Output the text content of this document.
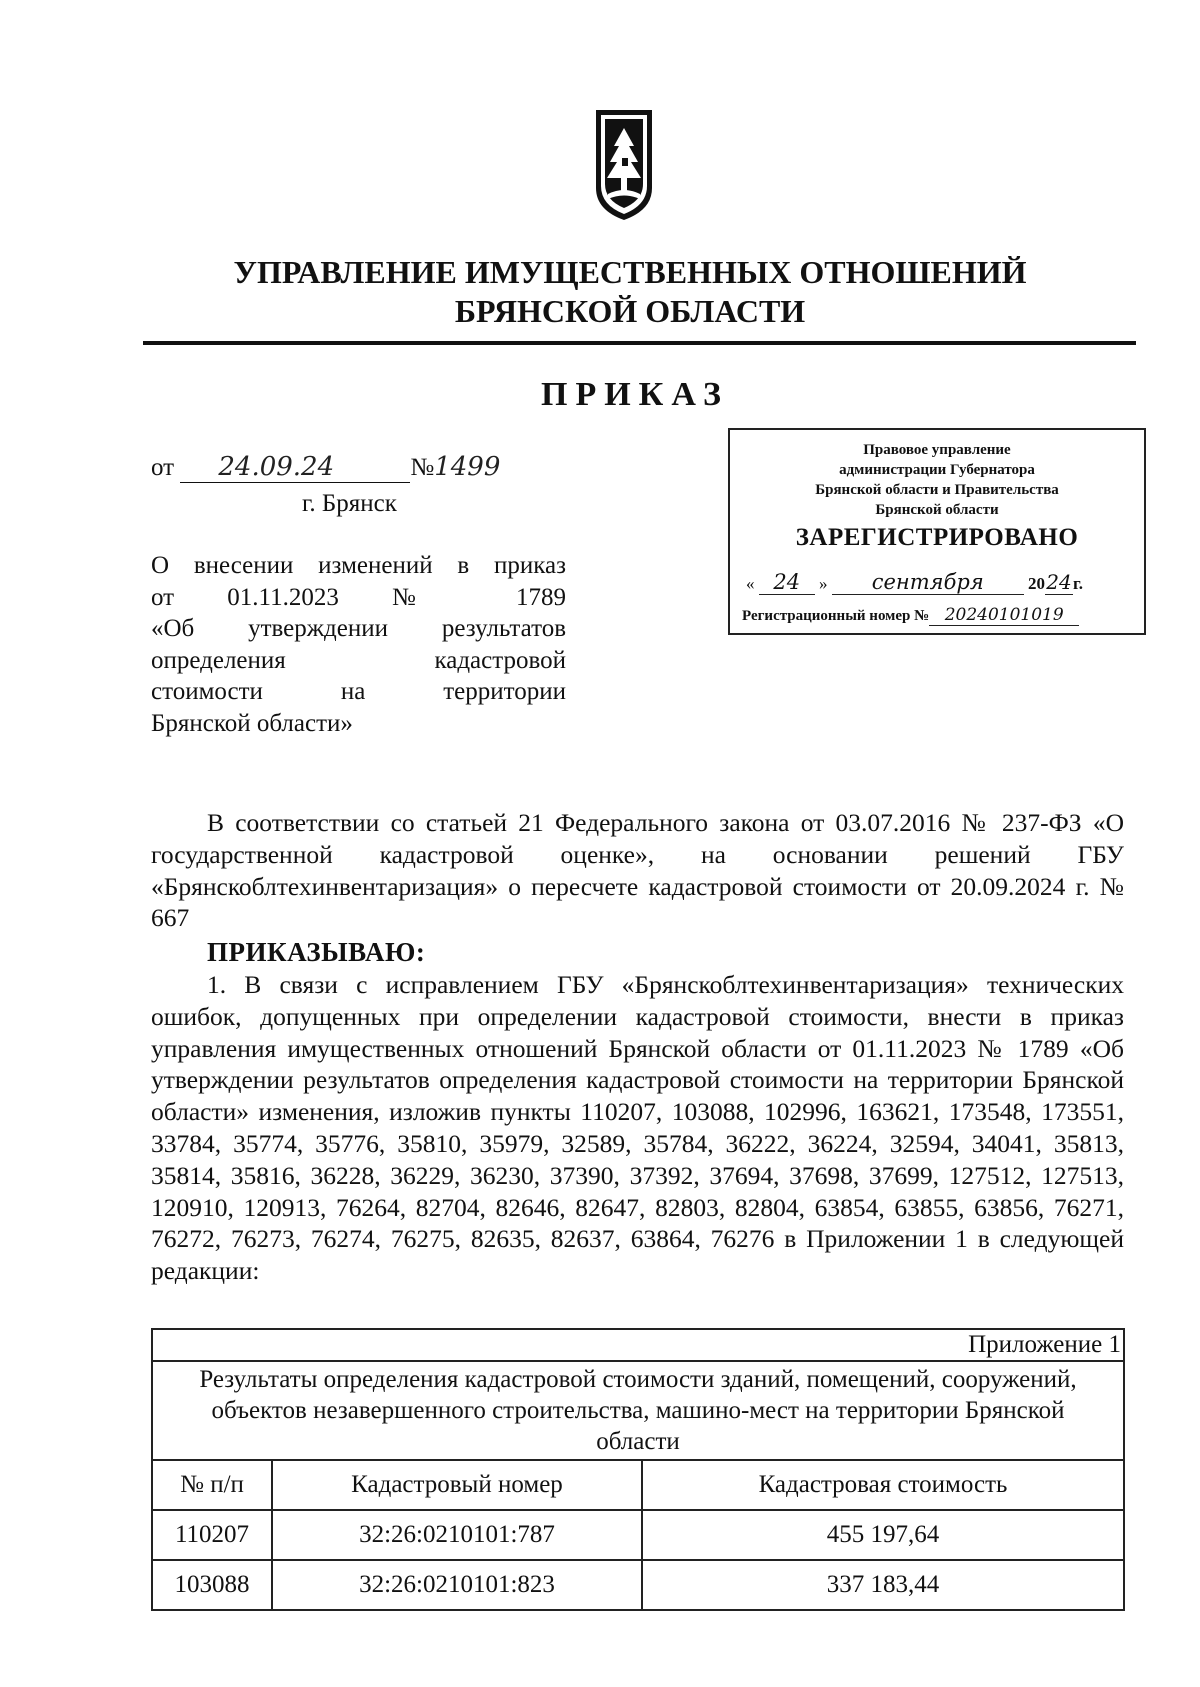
УПРАВЛЕНИЕ ИМУЩЕСТВЕННЫХ ОТНОШЕНИЙ
БРЯНСКОЙ ОБЛАСТИ
ПРИКАЗ
от 24.09.24	№1499
г. Брянск
О внесении изменений в приказ
от 01.11.2023 № 1789
«Об утверждении результатов
определения кадастровой
стоимости на территории
Брянской области»
Правовое управление
администрации Губернатора
Брянской области и Правительства
Брянской области
ЗАРЕГИСТРИРОВАНО
« 24 » сентября	2024г.
Регистрационный номер № 20240101019

В соответствии со статьей 21 Федерального закона от 03.07.2016 № 237-ФЗ «О государственной кадастровой оценке», на основании решений ГБУ «Брянскоблтехинвентаризация» о пересчете кадастровой стоимости от 20.09.2024 г. № 667

ПРИКАЗЫВАЮ:

1. В связи с исправлением ГБУ «Брянскоблтехинвентаризация» технических ошибок, допущенных при определении кадастровой стоимости, внести в приказ управления имущественных отношений Брянской области от 01.11.2023 № 1789 «Об утверждении результатов определения кадастровой стоимости на территории Брянской области» изменения, изложив пункты 110207, 103088, 102996, 163621, 173548, 173551, 33784, 35774, 35776, 35810, 35979, 32589, 35784, 36222, 36224, 32594, 34041, 35813, 35814, 35816, 36228, 36229, 36230, 37390, 37392, 37694, 37698, 37699, 127512, 127513, 120910, 120913, 76264, 82704, 82646, 82647, 82803, 82804, 63854, 63855, 63856, 76271, 76272, 76273, 76274, 76275, 82635, 82637, 63864, 76276 в Приложении 1 в следующей редакции:

Приложение 1		
Результаты определения кадастровой стоимости зданий, помещений, сооружений, объектов незавершенного строительства, машино-мест на территории Брянской области		
№ п/п	Кадастровый номер	Кадастровая стоимость
110207	32:26:0210101:787	455 197,64
103088	32:26:0210101:823	337 183,44
